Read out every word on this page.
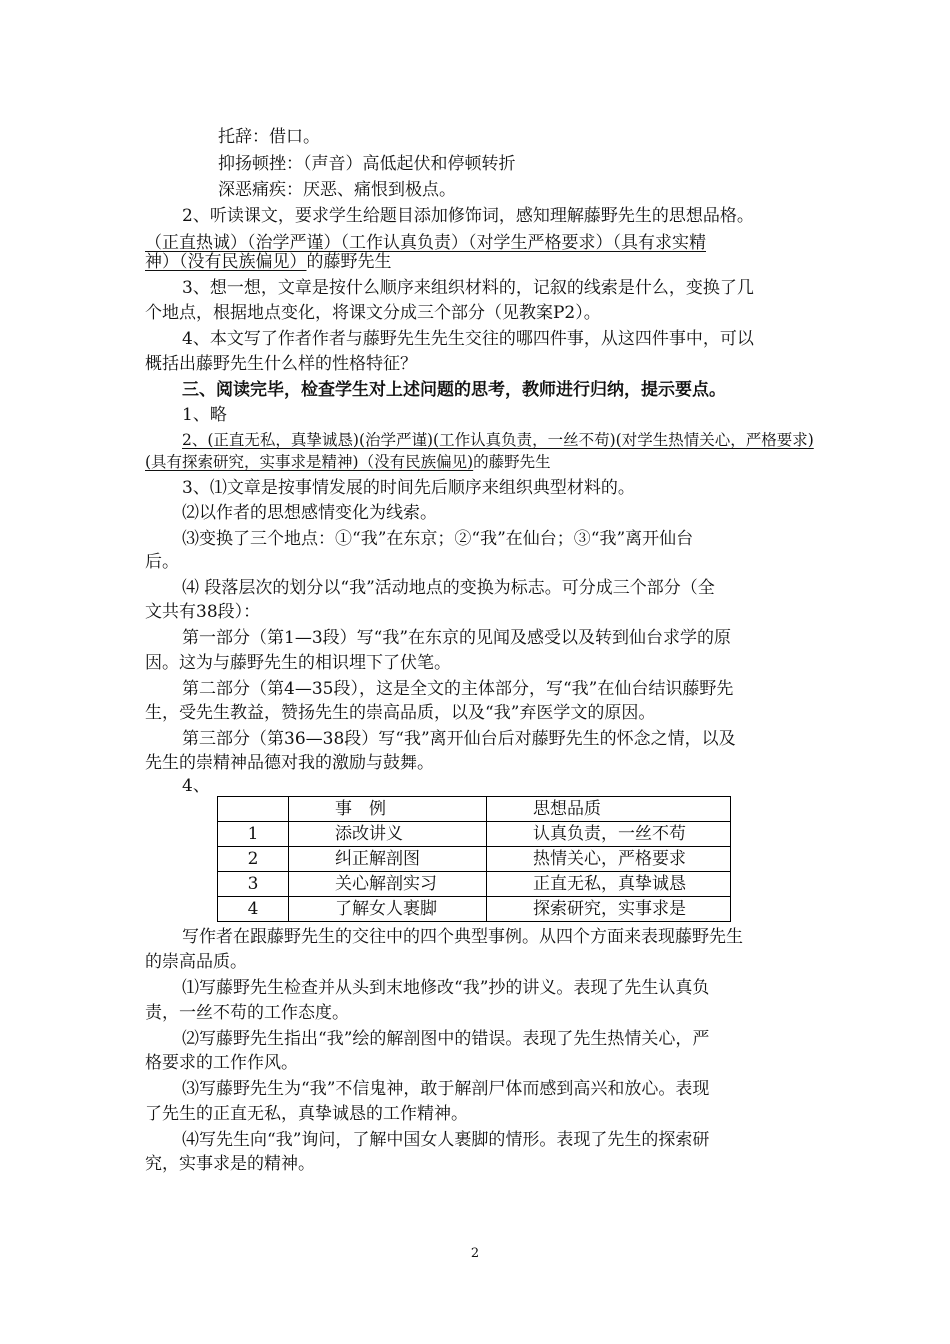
托辞：借口。
抑扬顿挫：（声音）高低起伏和停顿转折
深恶痛疾：厌恶、痛恨到极点。
2、听读课文，要求学生给题目添加修饰词，感知理解藤野先生的思想品格。
（正直热诚）（治学严谨）（工作认真负责）（对学生严格要求）（具有求实精
神）（没有民族偏见）的藤野先生
3、想一想，文章是按什么顺序来组织材料的，记叙的线索是什么，变换了几
个地点，根据地点变化，将课文分成三个部分（见教案P2）。
4、本文写了作者作者与藤野先生先生交往的哪四件事，从这四件事中，可以
概括出藤野先生什么样的性格特征？
三、阅读完毕，检查学生对上述问题的思考，教师进行归纳，提示要点。
1、略
2、(正直无私，真挚诚恳)(治学严谨)(工作认真负责，一丝不苟)(对学生热情关心，严格要求)
(具有探索研究，实事求是精神)（没有民族偏见)的藤野先生
3、⑴文章是按事情发展的时间先后顺序来组织典型材料的。
⑵以作者的思想感情变化为线索。
⑶变换了三个地点：①“我”在东京；②“我”在仙台；③“我”离开仙台
后。
⑷ 段落层次的划分以“我”活动地点的变换为标志。可分成三个部分（全
文共有38段）：
第一部分（第1—3段）写“我”在东京的见闻及感受以及转到仙台求学的原
因。这为与藤野先生的相识埋下了伏笔。
第二部分（第4—35段），这是全文的主体部分，写“我”在仙台结识藤野先
生，受先生教益，赞扬先生的崇高品质，以及“我”弃医学文的原因。
第三部分（第36—38段）写“我”离开仙台后对藤野先生的怀念之情，以及
先生的崇精神品德对我的激励与鼓舞。
4、
	事　例	思想品质
1	添改讲义	认真负责，一丝不苟
2	纠正解剖图	热情关心，严格要求
3	关心解剖实习	正直无私，真挚诚恳
4	了解女人裹脚	探索研究，实事求是
写作者在跟藤野先生的交往中的四个典型事例。从四个方面来表现藤野先生
的崇高品质。
⑴写藤野先生检查并从头到末地修改“我”抄的讲义。表现了先生认真负
责，一丝不苟的工作态度。
⑵写藤野先生指出“我”绘的解剖图中的错误。表现了先生热情关心，严
格要求的工作作风。
⑶写藤野先生为“我”不信鬼神，敢于解剖尸体而感到高兴和放心。表现
了先生的正直无私，真挚诚恳的工作精神。
⑷写先生向“我”询问，了解中国女人裹脚的情形。表现了先生的探索研
究，实事求是的精神。
2
